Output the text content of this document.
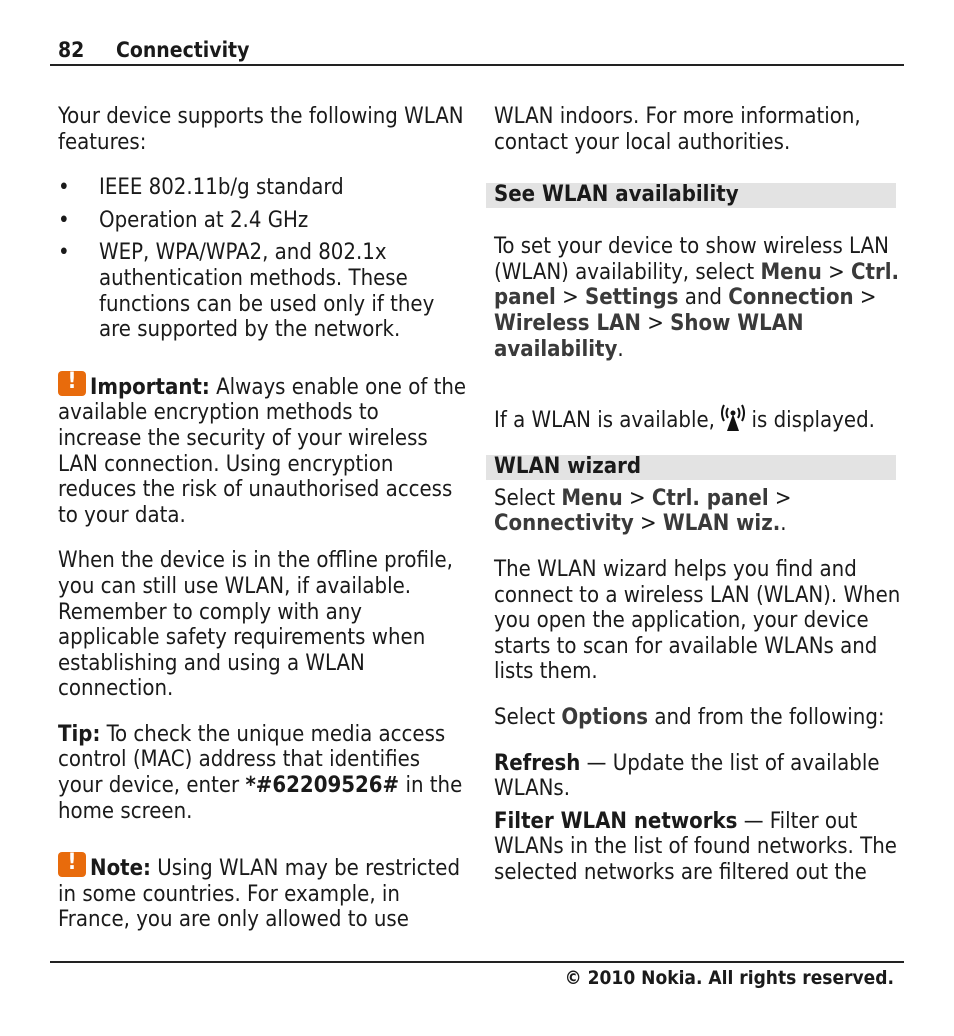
82 Connectivity

Your device supports the following WLAN features:

• IEEE 802.11b/g standard
• Operation at 2.4 GHz
• WEP, WPA/WPA2, and 802.1x authentication methods. These functions can be used only if they are supported by the network.

!Important: Always enable one of the available encryption methods to increase the security of your wireless LAN connection. Using encryption reduces the risk of unauthorised access to your data.

When the device is in the offline profile, you can still use WLAN, if available. Remember to comply with any applicable safety requirements when establishing and using a WLAN connection.

Tip: To check the unique media access control (MAC) address that identifies your device, enter *#62209526# in the home screen.

!Note: Using WLAN may be restricted in some countries. For example, in France, you are only allowed to use

WLAN indoors. For more information, contact your local authorities.

See WLAN availability

To set your device to show wireless LAN (WLAN) availability, select Menu > Ctrl. panel > Settings and Connection > Wireless LAN > Show WLAN availability.

If a WLAN is available,  is displayed.

WLAN wizard

Select Menu > Ctrl. panel > Connectivity > WLAN wiz..

The WLAN wizard helps you find and connect to a wireless LAN (WLAN). When you open the application, your device starts to scan for available WLANs and lists them.

Select Options and from the following:

Refresh — Update the list of available WLANs.

Filter WLAN networks — Filter out WLANs in the list of found networks. The selected networks are filtered out the

© 2010 Nokia. All rights reserved.
